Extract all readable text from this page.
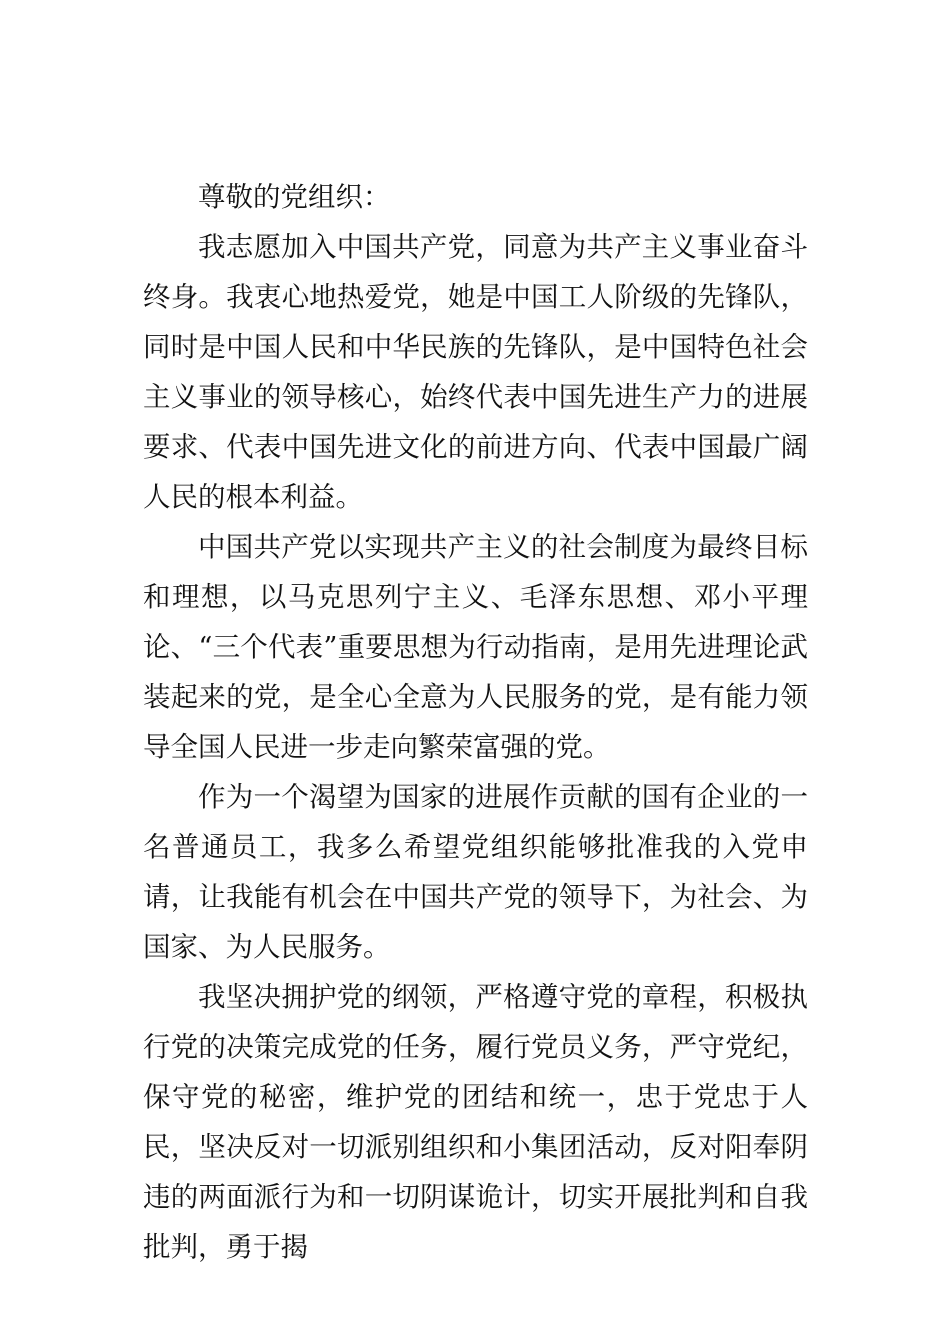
尊敬的党组织：

我志愿加入中国共产党，同意为共产主义事业奋斗终身。我衷心地热爱党，她是中国工人阶级的先锋队，同时是中国人民和中华民族的先锋队，是中国特色社会主义事业的领导核心，始终代表中国先进生产力的进展要求、代表中国先进文化的前进方向、代表中国最广阔人民的根本利益。

中国共产党以实现共产主义的社会制度为最终目标和理想，以马克思列宁主义、毛泽东思想、邓小平理论、“三个代表”重要思想为行动指南，是用先进理论武装起来的党，是全心全意为人民服务的党，是有能力领导全国人民进一步走向繁荣富强的党。

作为一个渴望为国家的进展作贡献的国有企业的一名普通员工，我多么希望党组织能够批准我的入党申请，让我能有机会在中国共产党的领导下，为社会、为国家、为人民服务。

我坚决拥护党的纲领，严格遵守党的章程，积极执行党的决策完成党的任务，履行党员义务，严守党纪，保守党的秘密，维护党的团结和统一，忠于党忠于人民，坚决反对一切派别组织和小集团活动，反对阳奉阴违的两面派行为和一切阴谋诡计，切实开展批判和自我批判，勇于揭
